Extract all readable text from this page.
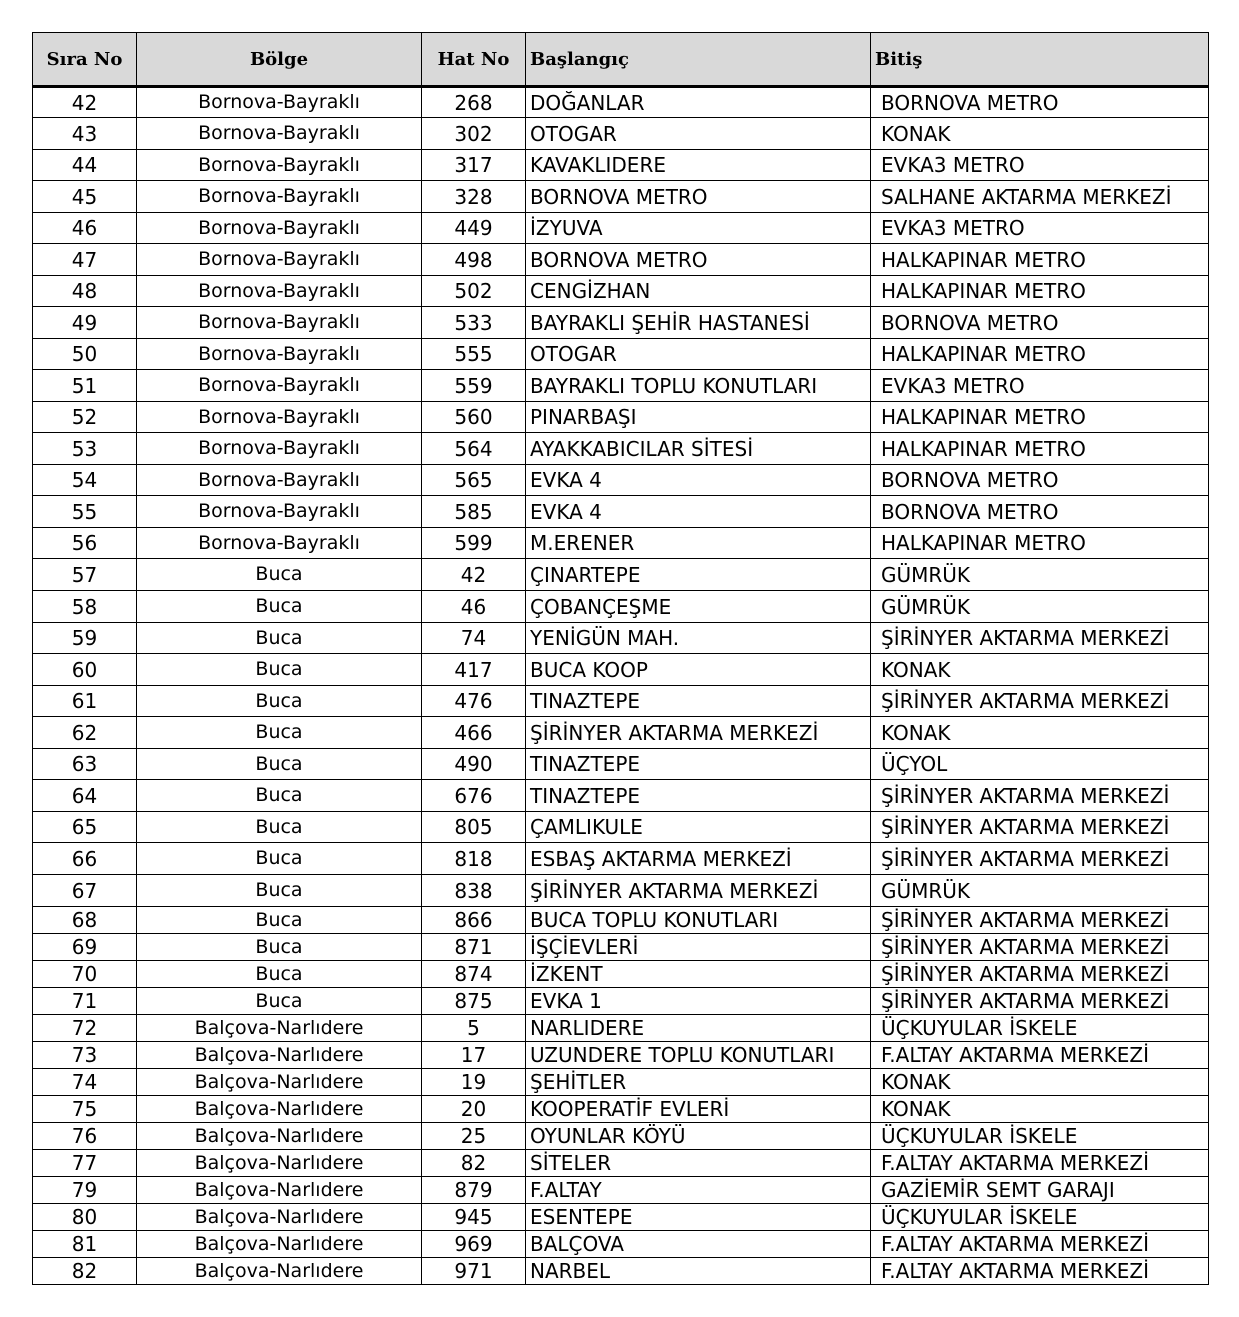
Sıra No	Bölge	Hat No	Başlangıç	Bitiş
42	Bornova-Bayraklı	268	DOĞANLAR	BORNOVA METRO
43	Bornova-Bayraklı	302	OTOGAR	KONAK
44	Bornova-Bayraklı	317	KAVAKLIDERE	EVKA3 METRO
45	Bornova-Bayraklı	328	BORNOVA METRO	SALHANE AKTARMA MERKEZİ
46	Bornova-Bayraklı	449	İZYUVA	EVKA3 METRO
47	Bornova-Bayraklı	498	BORNOVA METRO	HALKAPINAR METRO
48	Bornova-Bayraklı	502	CENGİZHAN	HALKAPINAR METRO
49	Bornova-Bayraklı	533	BAYRAKLI ŞEHİR HASTANESİ	BORNOVA METRO
50	Bornova-Bayraklı	555	OTOGAR	HALKAPINAR METRO
51	Bornova-Bayraklı	559	BAYRAKLI TOPLU KONUTLARI	EVKA3 METRO
52	Bornova-Bayraklı	560	PINARBAŞI	HALKAPINAR METRO
53	Bornova-Bayraklı	564	AYAKKABICILAR SİTESİ	HALKAPINAR METRO
54	Bornova-Bayraklı	565	EVKA 4	BORNOVA METRO
55	Bornova-Bayraklı	585	EVKA 4	BORNOVA METRO
56	Bornova-Bayraklı	599	M.ERENER	HALKAPINAR METRO
57	Buca	42	ÇINARTEPE	GÜMRÜK
58	Buca	46	ÇOBANÇEŞME	GÜMRÜK
59	Buca	74	YENİGÜN MAH.	ŞİRİNYER AKTARMA MERKEZİ
60	Buca	417	BUCA KOOP	KONAK
61	Buca	476	TINAZTEPE	ŞİRİNYER AKTARMA MERKEZİ
62	Buca	466	ŞİRİNYER AKTARMA MERKEZİ	KONAK
63	Buca	490	TINAZTEPE	ÜÇYOL
64	Buca	676	TINAZTEPE	ŞİRİNYER AKTARMA MERKEZİ
65	Buca	805	ÇAMLIKULE	ŞİRİNYER AKTARMA MERKEZİ
66	Buca	818	ESBAŞ AKTARMA MERKEZİ	ŞİRİNYER AKTARMA MERKEZİ
67	Buca	838	ŞİRİNYER AKTARMA MERKEZİ	GÜMRÜK
68	Buca	866	BUCA TOPLU KONUTLARI	ŞİRİNYER AKTARMA MERKEZİ
69	Buca	871	İŞÇİEVLERİ	ŞİRİNYER AKTARMA MERKEZİ
70	Buca	874	İZKENT	ŞİRİNYER AKTARMA MERKEZİ
71	Buca	875	EVKA 1	ŞİRİNYER AKTARMA MERKEZİ
72	Balçova-Narlıdere	5	NARLIDERE	ÜÇKUYULAR İSKELE
73	Balçova-Narlıdere	17	UZUNDERE TOPLU KONUTLARI	F.ALTAY AKTARMA MERKEZİ
74	Balçova-Narlıdere	19	ŞEHİTLER	KONAK
75	Balçova-Narlıdere	20	KOOPERATİF EVLERİ	KONAK
76	Balçova-Narlıdere	25	OYUNLAR KÖYÜ	ÜÇKUYULAR İSKELE
77	Balçova-Narlıdere	82	SİTELER	F.ALTAY AKTARMA MERKEZİ
79	Balçova-Narlıdere	879	F.ALTAY	GAZİEMİR SEMT GARAJI
80	Balçova-Narlıdere	945	ESENTEPE	ÜÇKUYULAR İSKELE
81	Balçova-Narlıdere	969	BALÇOVA	F.ALTAY AKTARMA MERKEZİ
82	Balçova-Narlıdere	971	NARBEL	F.ALTAY AKTARMA MERKEZİ
